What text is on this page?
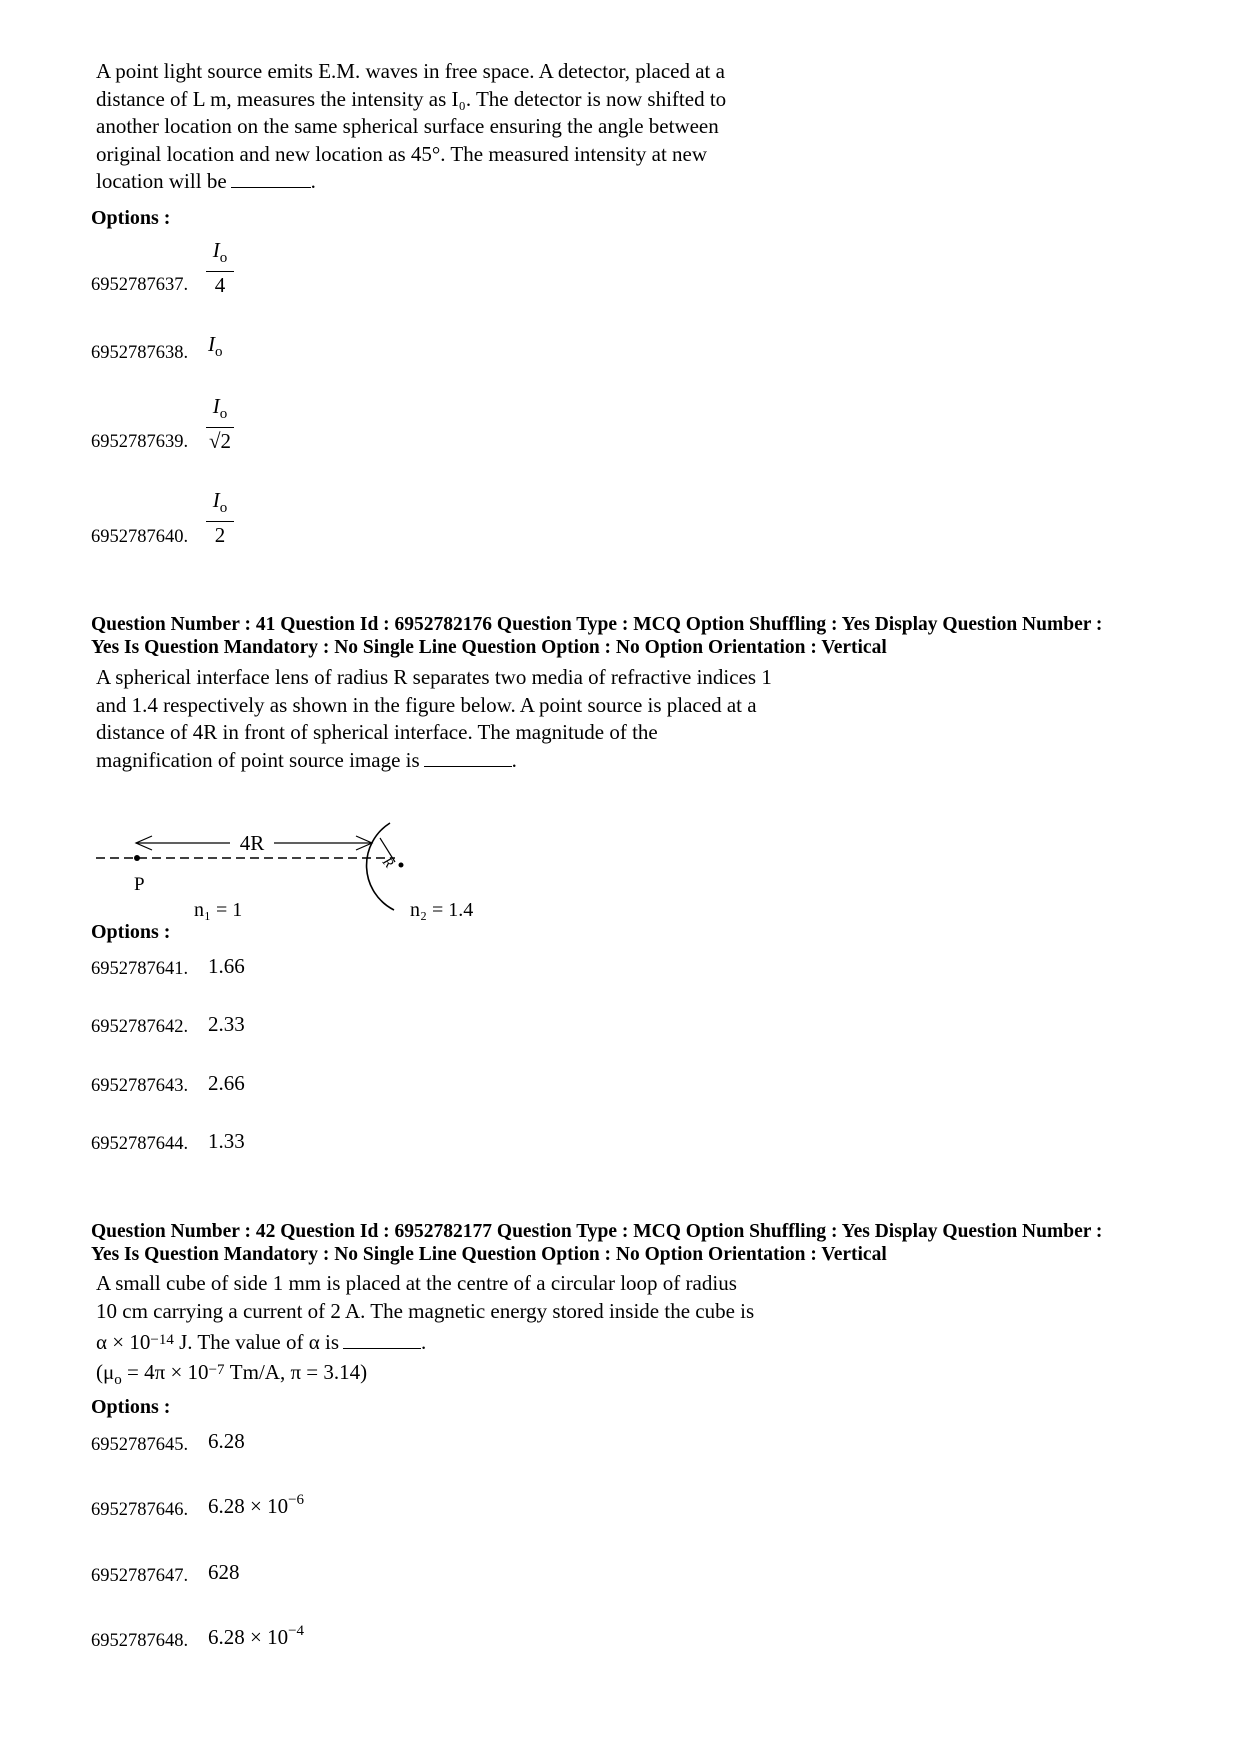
A point light source emits E.M. waves in free space. A detector, placed at a

distance of L m, measures the intensity as I₀. The detector is now shifted to

another location on the same spherical surface ensuring the angle between

original location and new location as 45°. The measured intensity at new

location will be	.

Options :
6952787637.
$I_o$
4
6952787638. $I_o$
6952787639.
$I_o$
√2
6952787640.
$I_o$
2
Question Number : 41 Question Id : 6952782176 Question Type : MCQ Option Shuffling : Yes Display Question Number :
Yes Is Question Mandatory : No Single Line Question Option : No Option Orientation : Vertical

A spherical interface lens of radius R separates two media of refractive indices 1

and 1.4 respectively as shown in the figure below. A point source is placed at a

distance of 4R in front of spherical interface. The magnitude of the

magnification of point source image is	.

4R
P
R
n₁ = 1	n₂ = 1.4
Options :
6952787641. 1.66
6952787642. 2.33
6952787643. 2.66
6952787644. 1.33
Question Number : 42 Question Id : 6952782177 Question Type : MCQ Option Shuffling : Yes Display Question Number :
Yes Is Question Mandatory : No Single Line Question Option : No Option Orientation : Vertical

A small cube of side 1 mm is placed at the centre of a circular loop of radius

10 cm carrying a current of 2 A. The magnetic energy stored inside the cube is

$\alpha \times 10^{-14}$ J. The value of α is	.

($\mu_o = 4\pi \times 10^{-7}$ Tm/A, π = 3.14)

Options :
6952787645. 6.28
6952787646. $6.28 \times 10^{-6}$
6952787647. 628
6952787648. $6.28 \times 10^{-4}$
